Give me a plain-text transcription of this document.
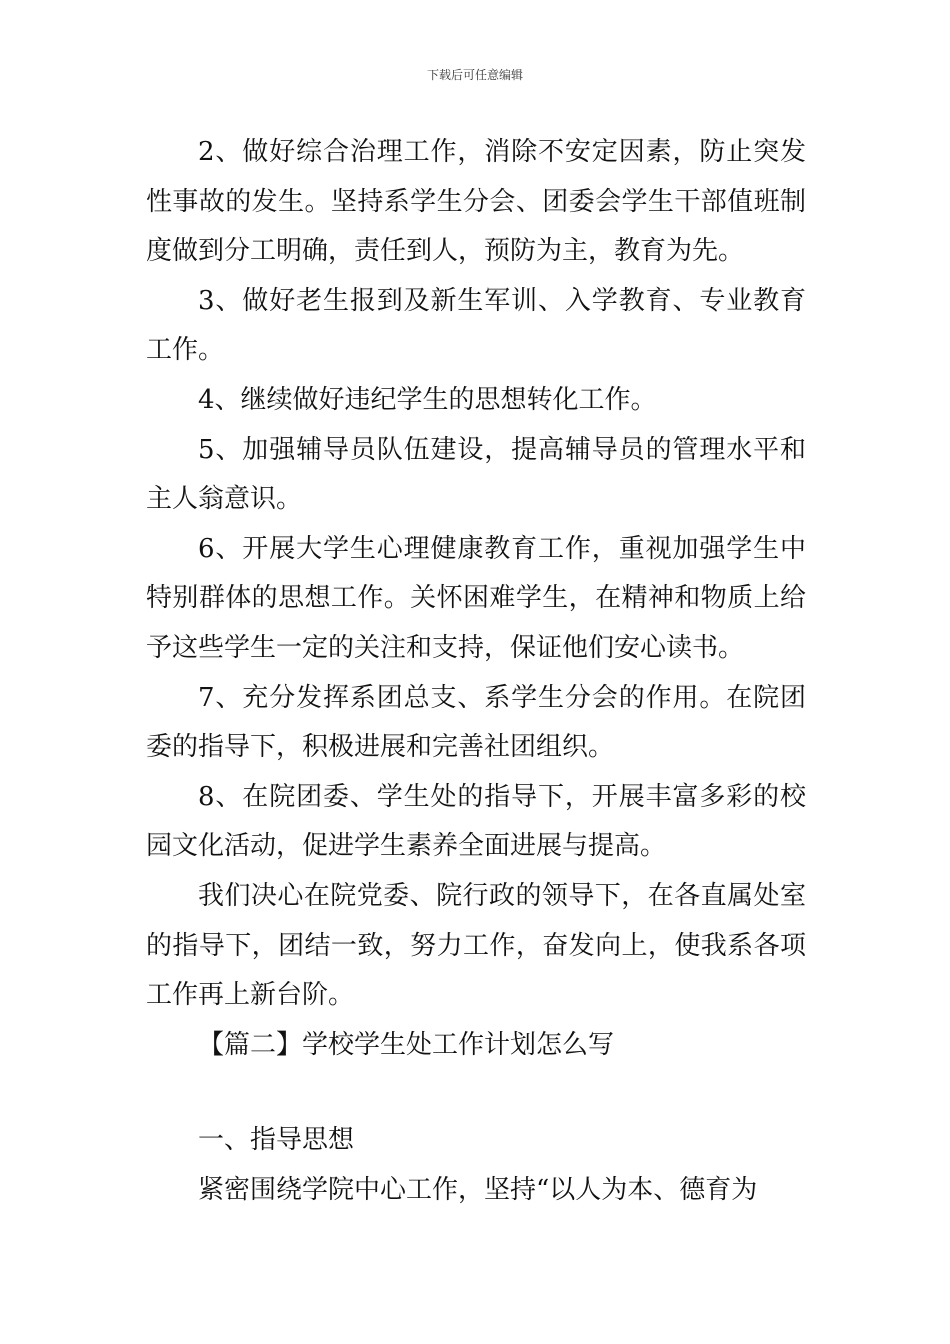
下载后可任意编辑

2、做好综合治理工作，消除不安定因素，防止突发性事故的发生。坚持系学生分会、团委会学生干部值班制度做到分工明确，责任到人，预防为主，教育为先。

3、做好老生报到及新生军训、入学教育、专业教育工作。

4、继续做好违纪学生的思想转化工作。

5、加强辅导员队伍建设，提高辅导员的管理水平和主人翁意识。

6、开展大学生心理健康教育工作，重视加强学生中特别群体的思想工作。关怀困难学生，在精神和物质上给予这些学生一定的关注和支持，保证他们安心读书。

7、充分发挥系团总支、系学生分会的作用。在院团委的指导下，积极进展和完善社团组织。

8、在院团委、学生处的指导下，开展丰富多彩的校园文化活动，促进学生素养全面进展与提高。

我们决心在院党委、院行政的领导下，在各直属处室的指导下，团结一致，努力工作，奋发向上，使我系各项工作再上新台阶。

【篇二】学校学生处工作计划怎么写

一、指导思想

紧密围绕学院中心工作，坚持“以人为本、德育为
